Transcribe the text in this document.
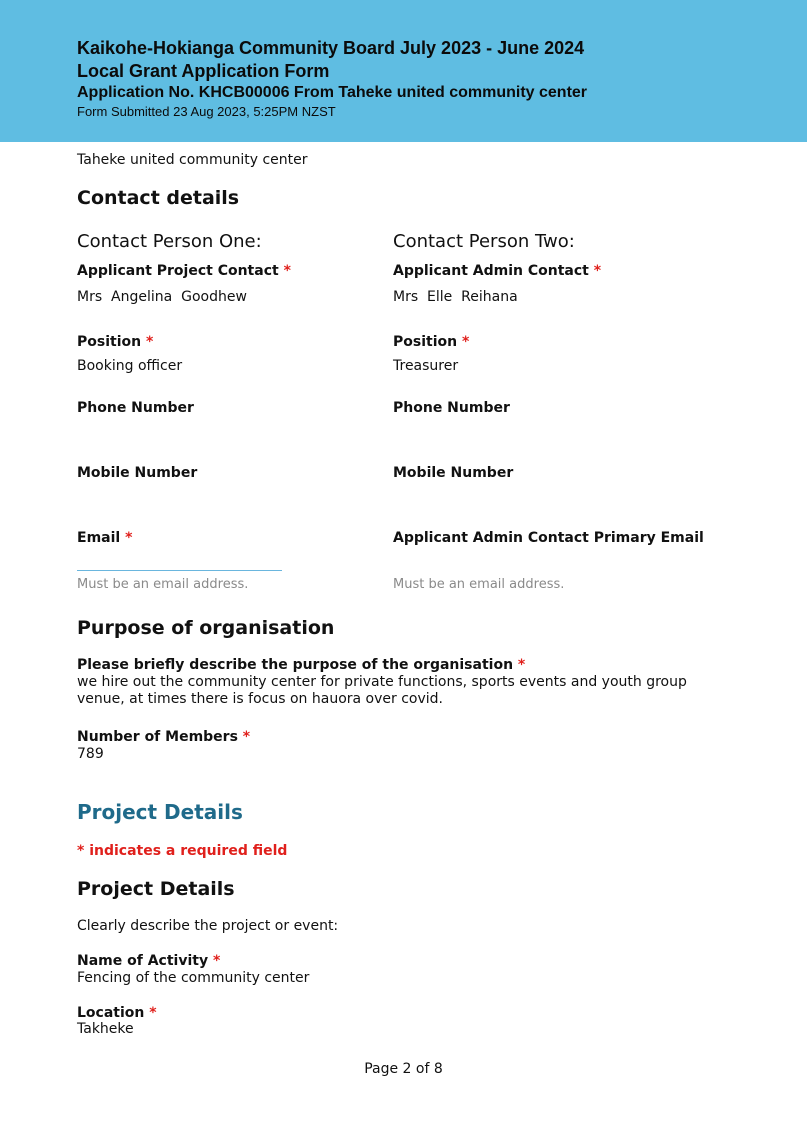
Kaikohe-Hokianga Community Board July 2023 - June 2024
Local Grant Application Form
Application No. KHCB00006 From Taheke united community center
Form Submitted 23 Aug 2023, 5:25PM NZST
Taheke united community center
Contact details
Contact Person One:
Applicant Project Contact *
Mrs  Angelina  Goodhew
Position *
Booking officer
Phone Number
Mobile Number
Email *
Must be an email address.
Contact Person Two:
Applicant Admin Contact *
Mrs  Elle  Reihana
Position *
Treasurer
Phone Number
Mobile Number
Applicant Admin Contact Primary Email
Must be an email address.
Purpose of organisation
Please briefly describe the purpose of the organisation *
we hire out the community center for private functions, sports events and youth group venue, at times there is focus on hauora over covid.
Number of Members *
789
Project Details
* indicates a required field
Project Details
Clearly describe the project or event:
Name of Activity *
Fencing of the community center
Location *
Takheke
Page 2 of 8
